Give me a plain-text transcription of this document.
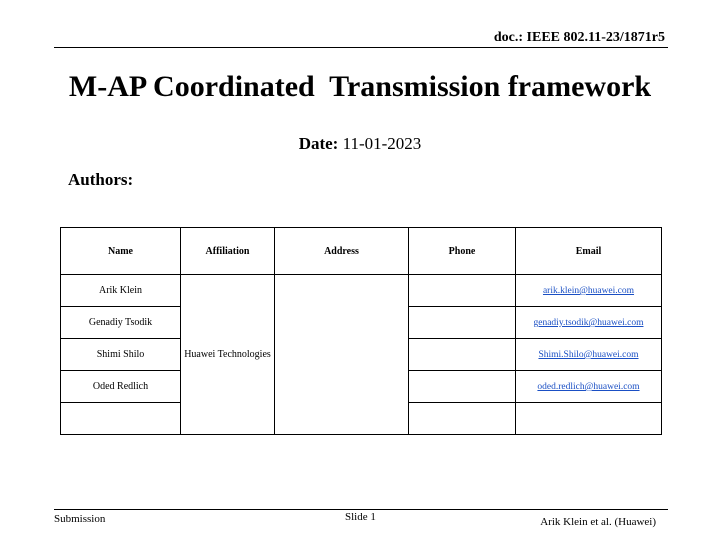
doc.: IEEE 802.11-23/1871r5
M-AP Coordinated  Transmission framework
Date: 11-01-2023
Authors:
Name	Affiliation	Address	Phone	Email
Arik Klein	Huawei Technologies			arik.klein@huawei.com
Genadiy Tsodik				genadiy.tsodik@huawei.com
Shimi Shilo				Shimi.Shilo@huawei.com
Oded Redlich				oded.redlich@huawei.com

Submission	Slide 1	Arik Klein et al. (Huawei)
